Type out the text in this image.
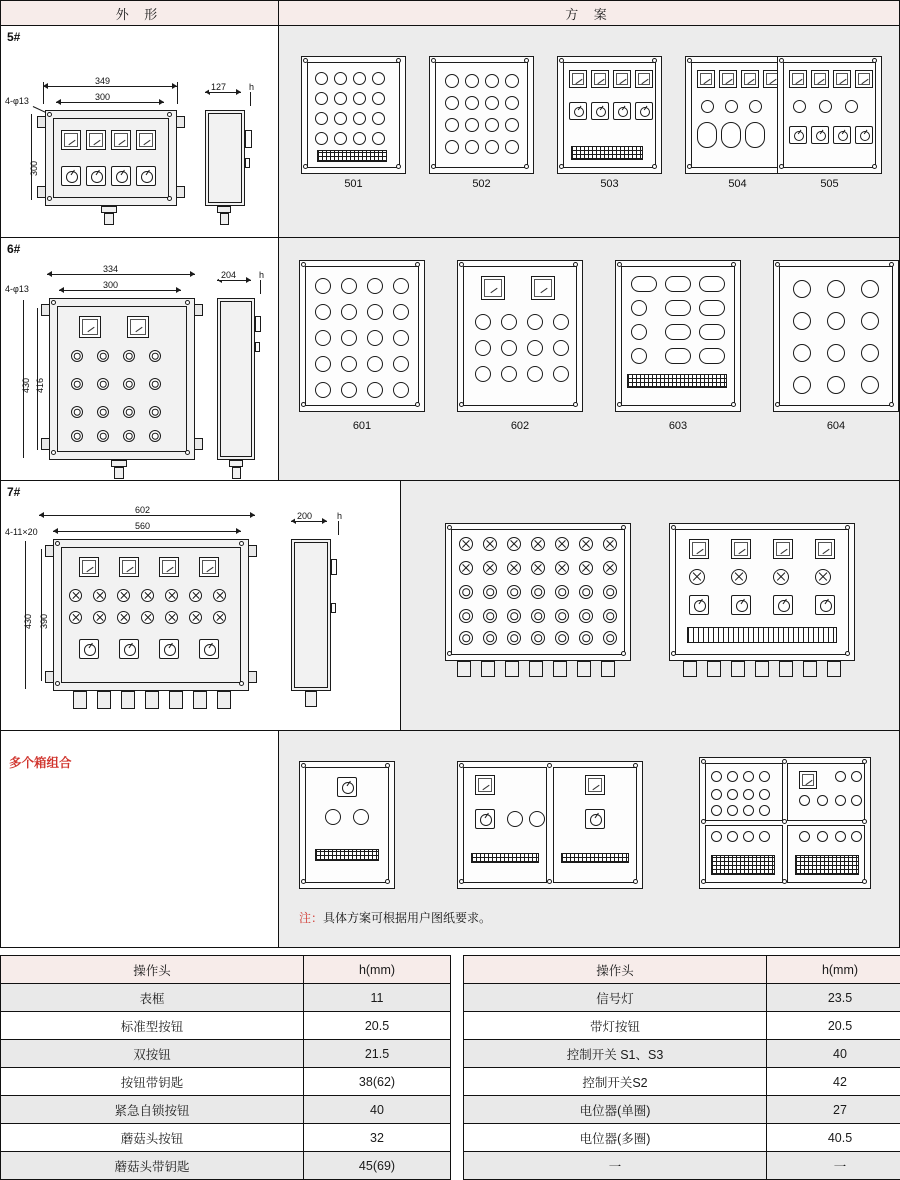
外 形	方 案
5#
349
300
4-φ13
300
127	h
501	502	503	504	505
6#
334
300
4-φ13
430 416
204	h
601	602	603	604
7#
602
560
4-11×20
430 390
200	h
多个箱组合
注：具体方案可根据用户图纸要求。
操作头	h(mm)
表框	11
标准型按钮	20.5
双按钮	21.5
按钮带钥匙	38(62)
紧急自锁按钮	40
蘑菇头按钮	32
蘑菇头带钥匙	45(69)
操作头	h(mm)
信号灯	23.5
带灯按钮	20.5
控制开关 S1、S3	40
控制开关S2	42
电位器(单圈)	27
电位器(多圈)	40.5
一	一
